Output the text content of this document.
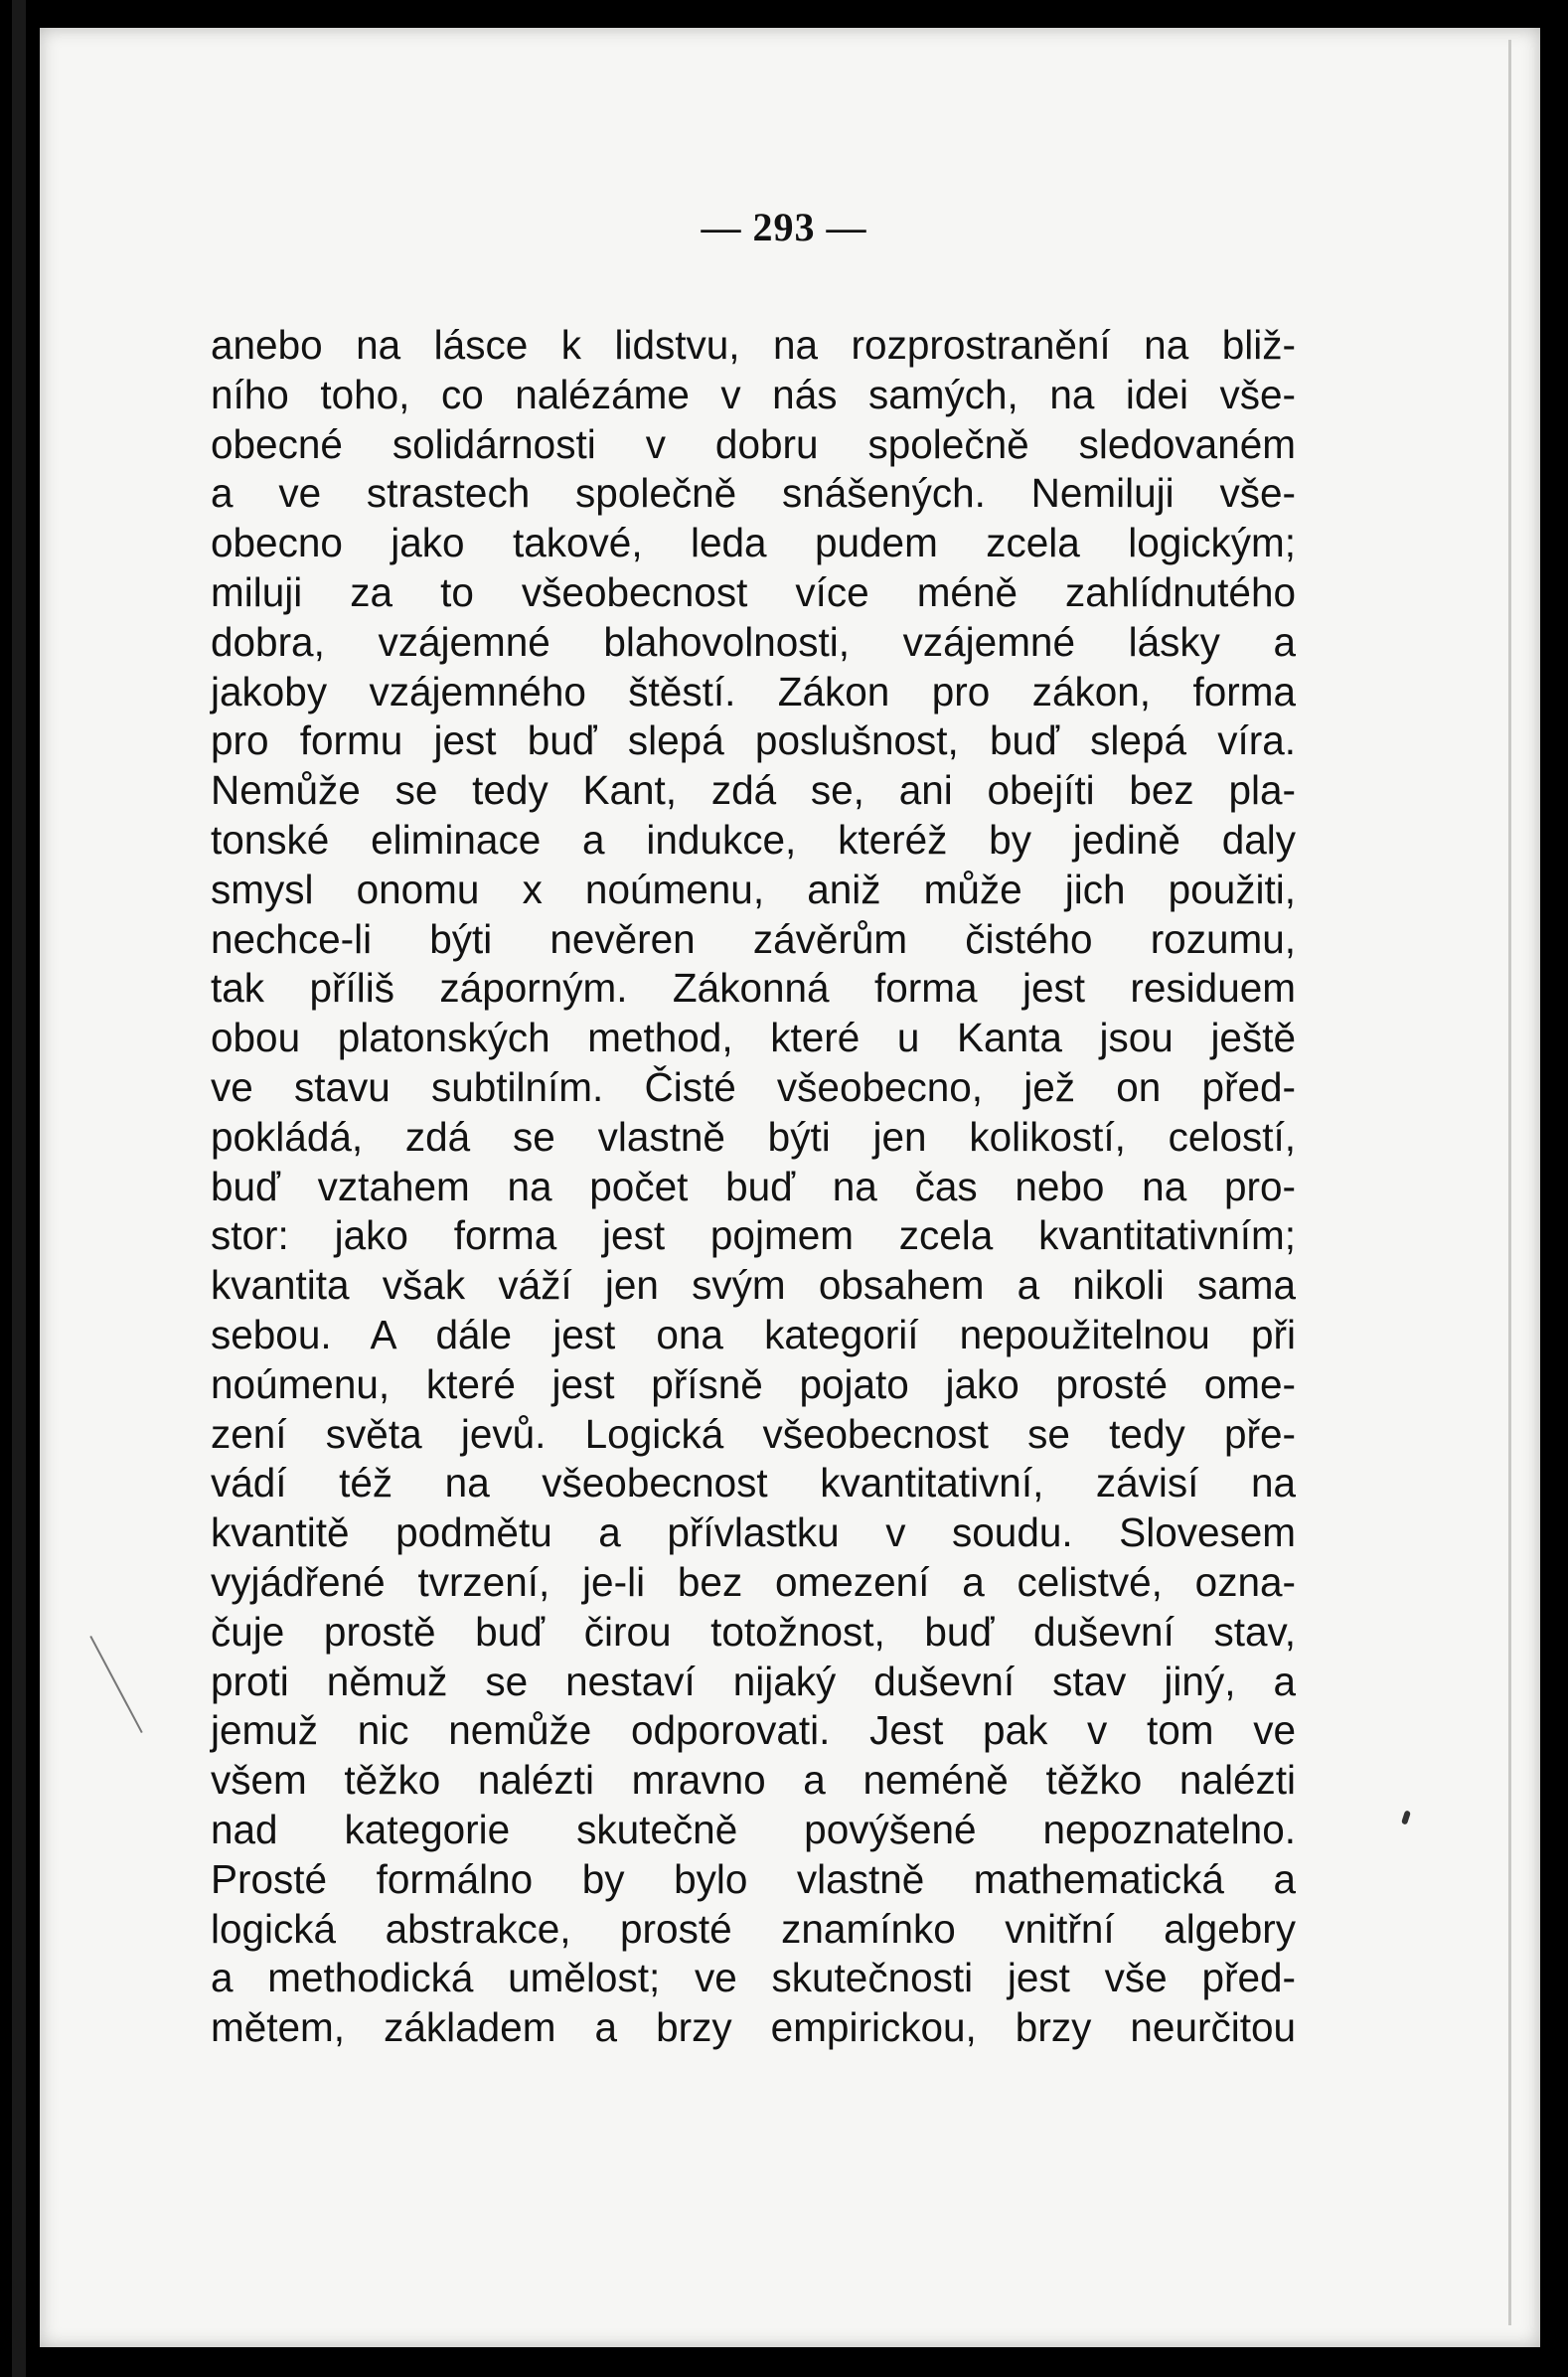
— 293 —
anebo na lásce k lidstvu, na rozprostranění na bliž-
ního toho, co nalézáme v nás samých, na idei vše-
obecné solidárnosti v dobru společně sledovaném
a ve strastech společně snášených. Nemiluji vše-
obecno jako takové, leda pudem zcela logickým;
miluji za to všeobecnost více méně zahlídnutého
dobra, vzájemné blahovolnosti, vzájemné lásky a
jakoby vzájemného štěstí. Zákon pro zákon, forma
pro formu jest buď slepá poslušnost, buď slepá víra.
Nemůže se tedy Kant, zdá se, ani obejíti bez pla-
tonské eliminace a indukce, kteréž by jedině daly
smysl onomu x noúmenu, aniž může jich použiti,
nechce-li býti nevěren závěrům čistého rozumu,
tak příliš záporným. Zákonná forma jest residuem
obou platonských method, které u Kanta jsou ještě
ve stavu subtilním. Čisté všeobecno, jež on před-
pokládá, zdá se vlastně býti jen kolikostí, celostí,
buď vztahem na počet buď na čas nebo na pro-
stor: jako forma jest pojmem zcela kvantitativním;
kvantita však váží jen svým obsahem a nikoli sama
sebou. A dále jest ona kategorií nepoužitelnou při
noúmenu, které jest přísně pojato jako prosté ome-
zení světa jevů. Logická všeobecnost se tedy pře-
vádí též na všeobecnost kvantitativní, závisí na
kvantitě podmětu a přívlastku v soudu. Slovesem
vyjádřené tvrzení, je-li bez omezení a celistvé, ozna-
čuje prostě buď čirou totožnost, buď duševní stav,
proti němuž se nestaví nijaký duševní stav jiný, a
jemuž nic nemůže odporovati. Jest pak v tom ve
všem těžko nalézti mravno a neméně těžko nalézti
nad kategorie skutečně povýšené nepoznatelno.
Prosté formálno by bylo vlastně mathematická a
logická abstrakce, prosté znamínko vnitřní algebry
a methodická umělost; ve skutečnosti jest vše před-
mětem, základem a brzy empirickou, brzy neurčitou
